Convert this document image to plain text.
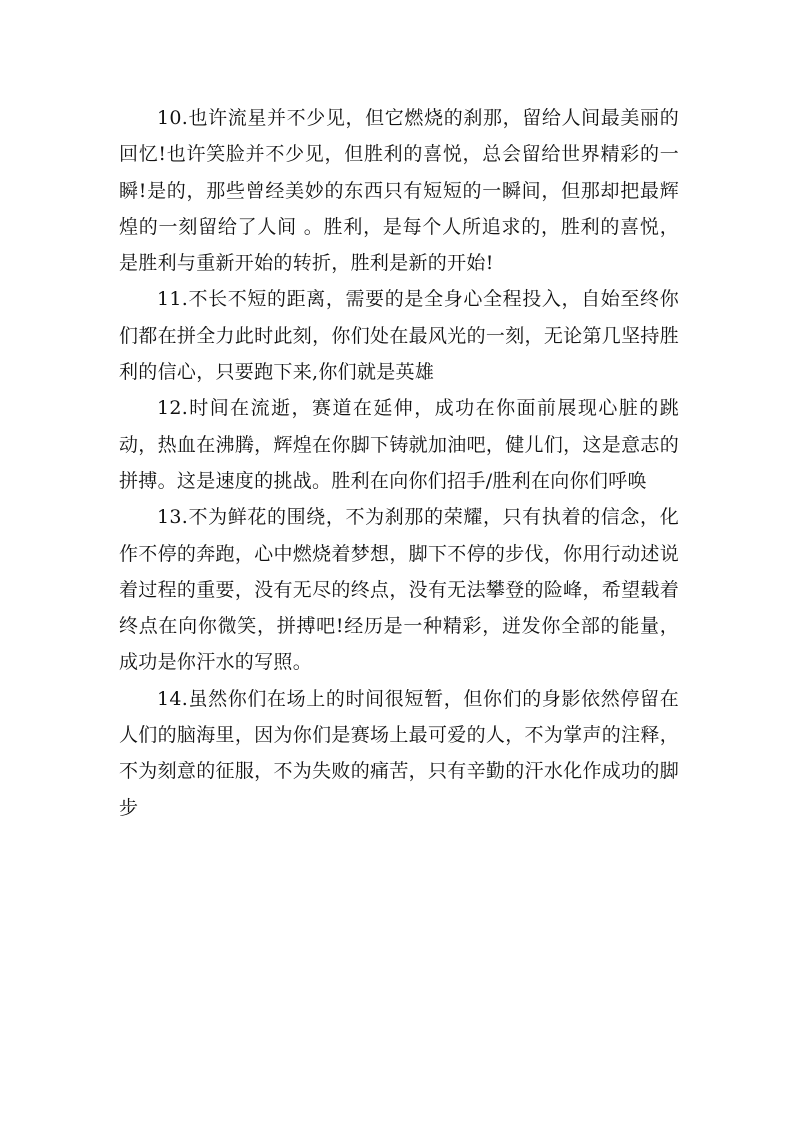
10.也许流星并不少见，但它燃烧的刹那，留给人间最美丽的回忆!也许笑脸并不少见，但胜利的喜悦，总会留给世界精彩的一瞬!是的，那些曾经美妙的东西只有短短的一瞬间，但那却把最辉煌的一刻留给了人间 。胜利，是每个人所追求的，胜利的喜悦，是胜利与重新开始的转折，胜利是新的开始!

11.不长不短的距离，需要的是全身心全程投入，自始至终你们都在拼全力此时此刻，你们处在最风光的一刻，无论第几坚持胜利的信心，只要跑下来,你们就是英雄

12.时间在流逝，赛道在延伸，成功在你面前展现心脏的跳动，热血在沸腾，辉煌在你脚下铸就加油吧，健儿们，这是意志的拼搏。这是速度的挑战。胜利在向你们招手/胜利在向你们呼唤

13.不为鲜花的围绕，不为刹那的荣耀，只有执着的信念，化作不停的奔跑，心中燃烧着梦想，脚下不停的步伐，你用行动述说着过程的重要，没有无尽的终点，没有无法攀登的险峰，希望载着终点在向你微笑，拼搏吧!经历是一种精彩，迸发你全部的能量，成功是你汗水的写照。

14.虽然你们在场上的时间很短暂，但你们的身影依然停留在人们的脑海里，因为你们是赛场上最可爱的人，不为掌声的注释，不为刻意的征服，不为失败的痛苦，只有辛勤的汗水化作成功的脚步
